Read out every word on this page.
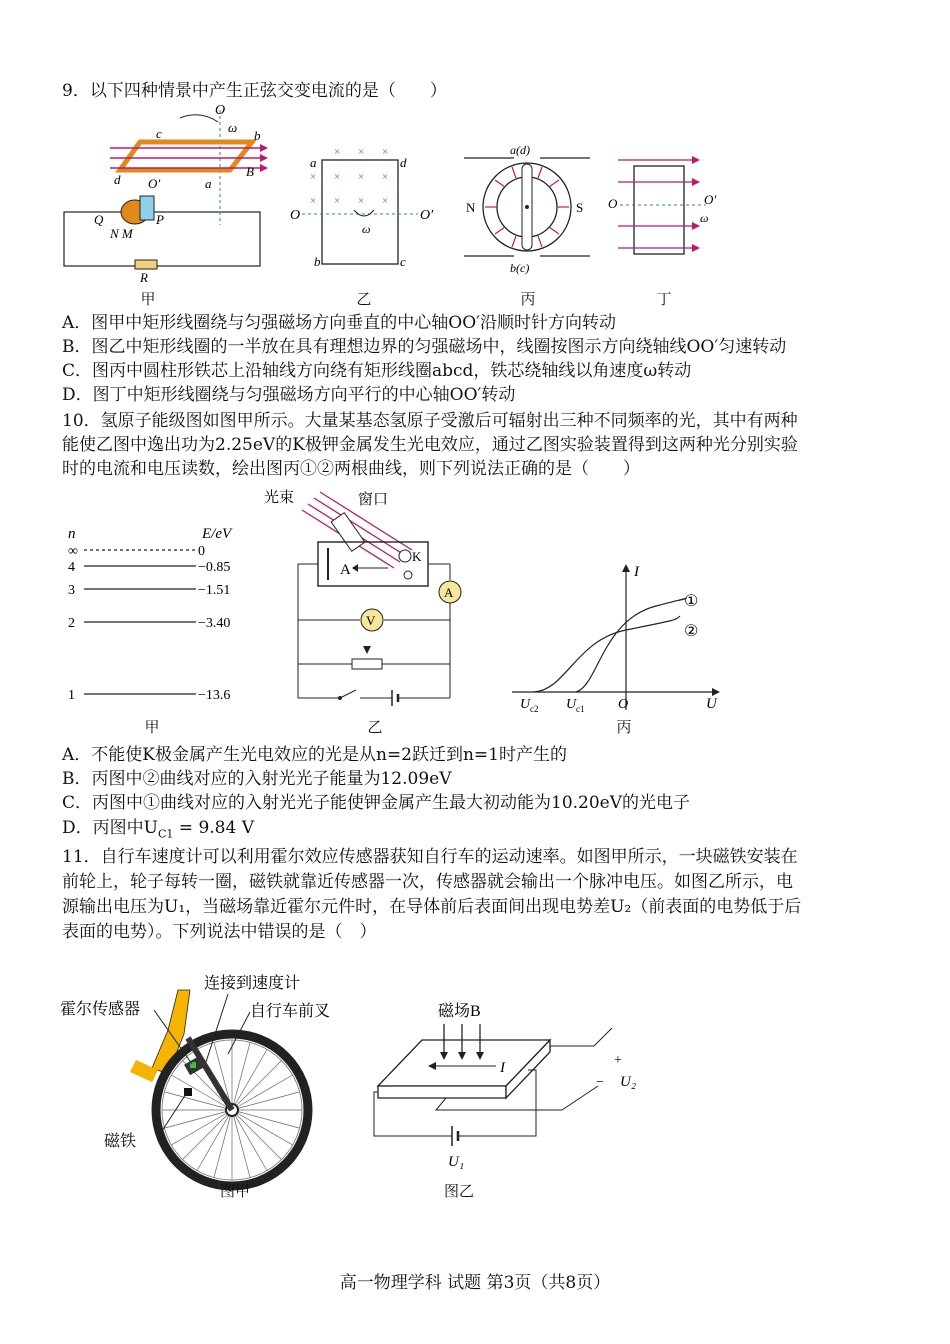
9．以下四种情景中产生正弦交变电流的是（　　）
O
ω
b
c
d O′	a
B
Q	P
N M
R
甲
× × ×
× × × ×
× × × ×
a	d
O	O′
ω
b	c
乙
a(d)
b(c)
N	S
丙
O	O′
ω
丁
A．图甲中矩形线圈绕与匀强磁场方向垂直的中心轴OO′沿顺时针方向转动
B．图乙中矩形线圈的一半放在具有理想边界的匀强磁场中，线圈按图示方向绕轴线OO′匀速转动
C．图丙中圆柱形铁芯上沿轴线方向绕有矩形线圈abcd，铁芯绕轴线以角速度ω转动
D．图丁中矩形线圈绕与匀强磁场方向平行的中心轴OO′转动
10．氢原子能级图如图甲所示。大量某基态氢原子受激后可辐射出三种不同频率的光，其中有两种
能使乙图中逸出功为2.25eV的K极钾金属发生光电效应，通过乙图实验装置得到这两种光分别实验
时的电流和电压读数，绘出图丙①②两根曲线，则下列说法正确的是（　　）
n	E/eV
∞	0
4	−0.85
3	−1.51
2	−3.40
1	−13.6
甲
光束	窗口
A
K
A
V
乙
I
U
O
①
②
U c2 U c1
丙
A．不能使K极金属产生光电效应的光是从n=2跃迁到n=1时产生的
B．丙图中②曲线对应的入射光光子能量为12.09eV
C．丙图中①曲线对应的入射光光子能使钾金属产生最大初动能为10.20eV的光电子
D．丙图中$U_{C1} = 9.84$ V
11．自行车速度计可以利用霍尔效应传感器获知自行车的运动速率。如图甲所示，一块磁铁安装在
前轮上，轮子每转一圈，磁铁就靠近传感器一次，传感器就会输出一个脉冲电压。如图乙所示，电
源输出电压为U₁，当磁场靠近霍尔元件时，在导体前后表面间出现电势差U₂（前表面的电势低于后
表面的电势）。下列说法中错误的是（　）
连接到速度计
霍尔传感器	自行车前叉
磁铁
图甲
磁场B
I	+
− U₂
U₁
图乙
高一物理学科 试题 第3页（共8页）
